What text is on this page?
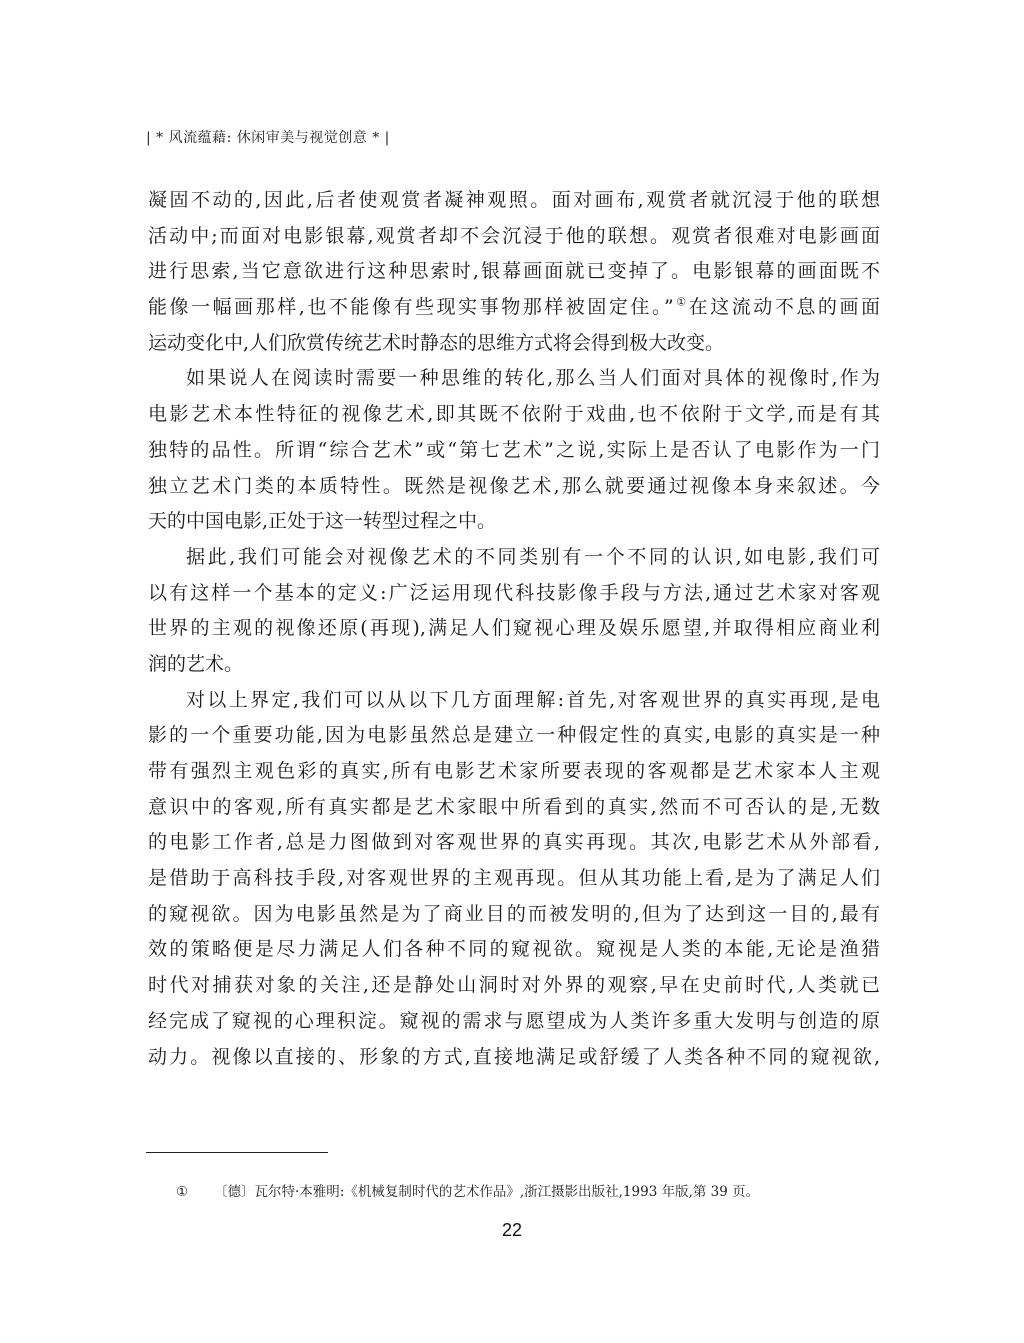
| * 风流蕴藉: 休闲审美与视觉创意 * |
凝固不动的,因此,后者使观赏者凝神观照。面对画布,观赏者就沉浸于他的联想
活动中;而面对电影银幕,观赏者却不会沉浸于他的联想。观赏者很难对电影画面
进行思索,当它意欲进行这种思索时,银幕画面就已变掉了。电影银幕的画面既不
能像一幅画那样,也不能像有些现实事物那样被固定住。”①在这流动不息的画面
运动变化中,人们欣赏传统艺术时静态的思维方式将会得到极大改变。
如果说人在阅读时需要一种思维的转化,那么当人们面对具体的视像时,作为
电影艺术本性特征的视像艺术,即其既不依附于戏曲,也不依附于文学,而是有其
独特的品性。所谓“综合艺术”或“第七艺术”之说,实际上是否认了电影作为一门
独立艺术门类的本质特性。既然是视像艺术,那么就要通过视像本身来叙述。今
天的中国电影,正处于这一转型过程之中。
据此,我们可能会对视像艺术的不同类别有一个不同的认识,如电影,我们可
以有这样一个基本的定义:广泛运用现代科技影像手段与方法,通过艺术家对客观
世界的主观的视像还原(再现),满足人们窥视心理及娱乐愿望,并取得相应商业利
润的艺术。
对以上界定,我们可以从以下几方面理解:首先,对客观世界的真实再现,是电
影的一个重要功能,因为电影虽然总是建立一种假定性的真实,电影的真实是一种
带有强烈主观色彩的真实,所有电影艺术家所要表现的客观都是艺术家本人主观
意识中的客观,所有真实都是艺术家眼中所看到的真实,然而不可否认的是,无数
的电影工作者,总是力图做到对客观世界的真实再现。其次,电影艺术从外部看,
是借助于高科技手段,对客观世界的主观再现。但从其功能上看,是为了满足人们
的窥视欲。因为电影虽然是为了商业目的而被发明的,但为了达到这一目的,最有
效的策略便是尽力满足人们各种不同的窥视欲。窥视是人类的本能,无论是渔猎
时代对捕获对象的关注,还是静处山洞时对外界的观察,早在史前时代,人类就已
经完成了窥视的心理积淀。窥视的需求与愿望成为人类许多重大发明与创造的原
动力。视像以直接的、形象的方式,直接地满足或舒缓了人类各种不同的窥视欲,
① 〔德〕瓦尔特·本雅明:《机械复制时代的艺术作品》,浙江摄影出版社,1993 年版,第 39 页。
22
